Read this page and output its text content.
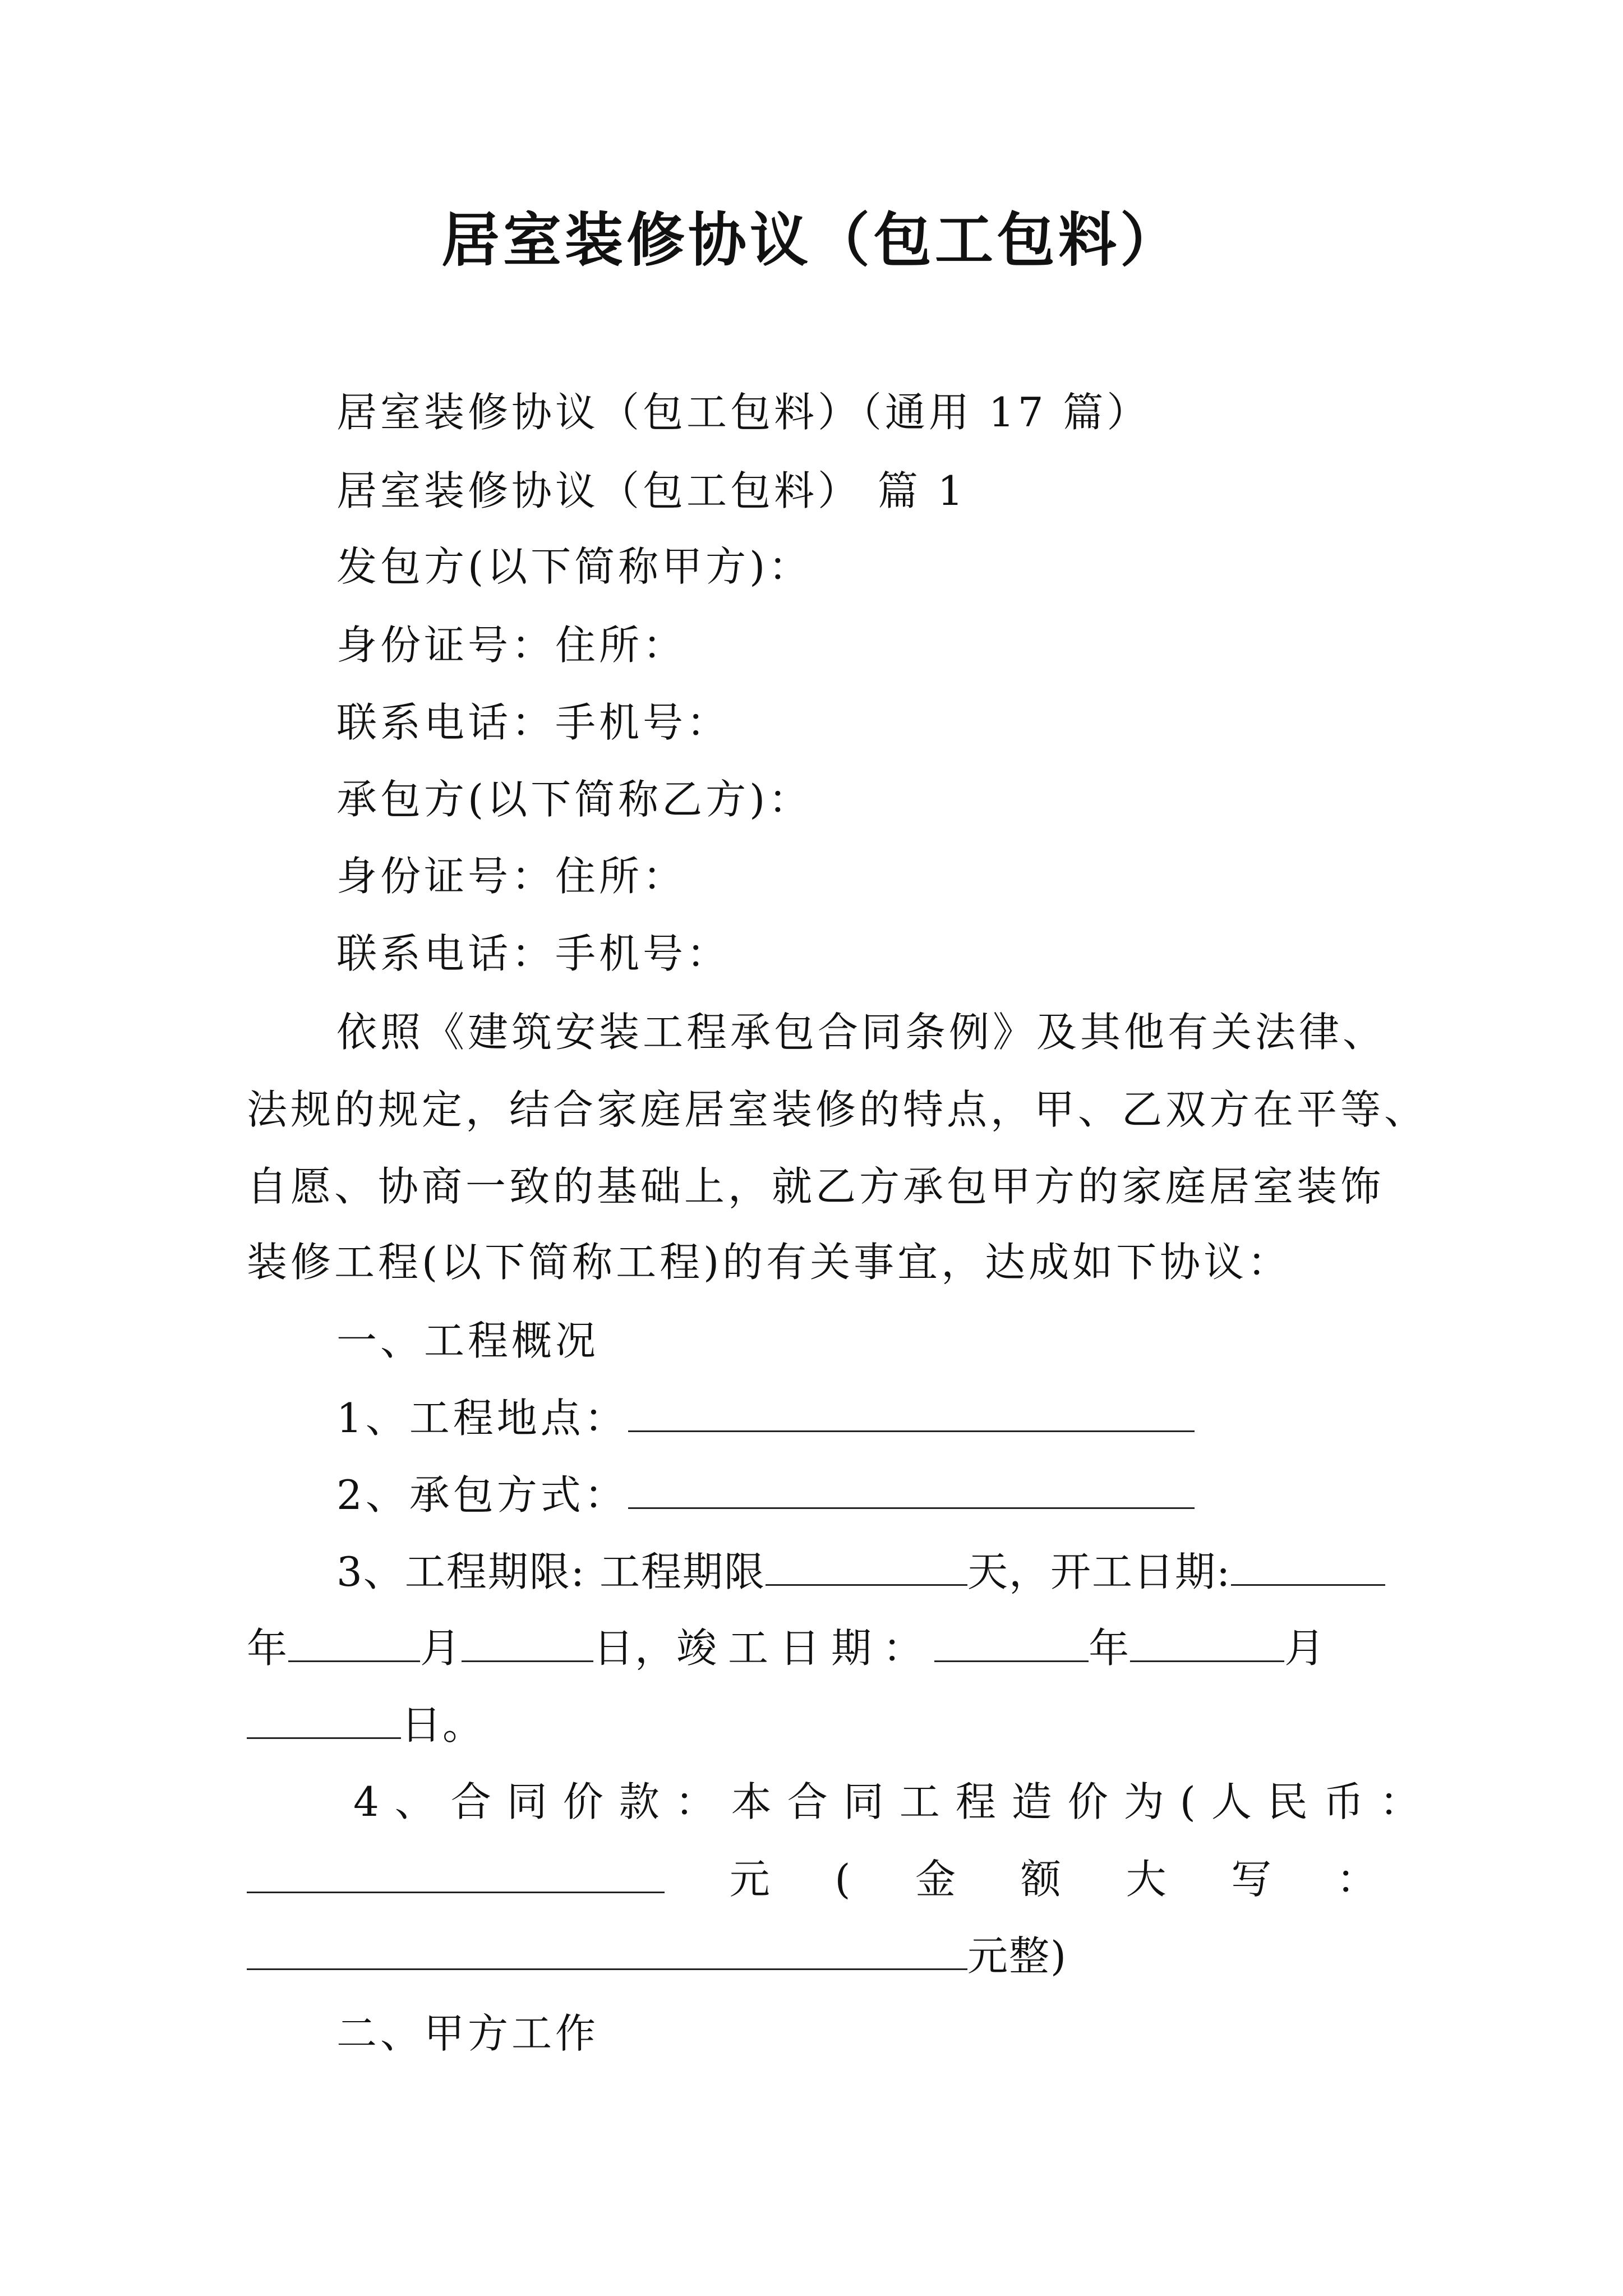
居室装修协议（包工包料）
居室装修协议（包工包料）（通用 17 篇）
居室装修协议（包工包料） 篇 1
发包方(以下简称甲方)：
身份证号：住所：
联系电话：手机号：
承包方(以下简称乙方)：
身份证号：住所：
联系电话：手机号：
依照《建筑安装工程承包合同条例》及其他有关法律、
法规的规定，结合家庭居室装修的特点，甲、乙双方在平等、
自愿、协商一致的基础上，就乙方承包甲方的家庭居室装饰
装修工程(以下简称工程)的有关事宜，达成如下协议：
一、工程概况
1、工程地点：
2、承包方式：
3、工程期限: 工程期限	天，开工日期:
年	月	日，竣工日期：	年	月
日。
4、合同价款：本合同工程造价为(人民币：
元 ( 金 额 大 写 ：
元整)
二、甲方工作
